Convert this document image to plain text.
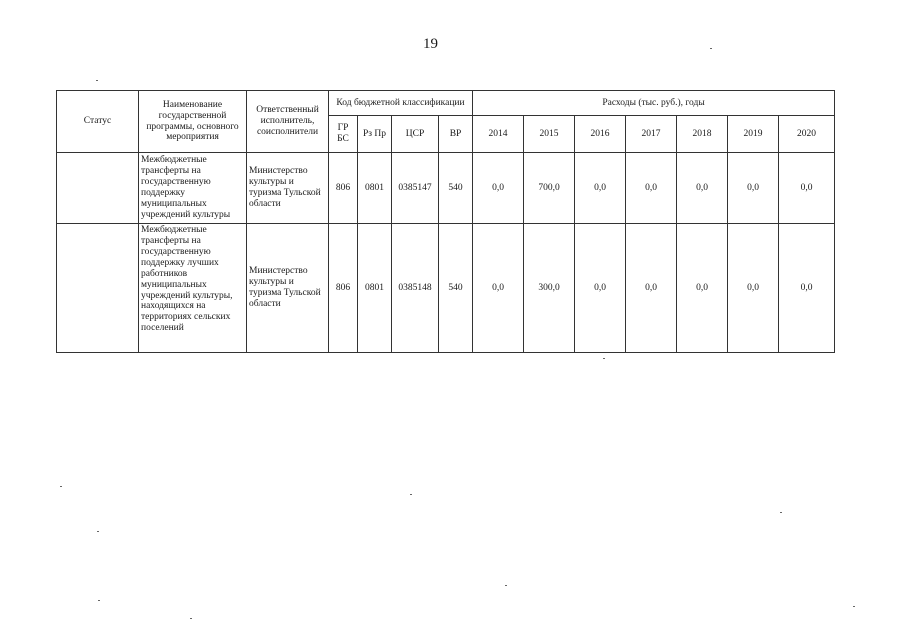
19
Статус	Наименование государственной программы, основного мероприятия	Ответственный исполнитель, соисполнители	Код бюджетной классификации				Расходы (тыс. руб.), годы						
			ГР БС	Рз Пр	ЦСР	ВР	2014	2015	2016	2017	2018	2019	2020
	Межбюджетные трансферты на государственную поддержку муниципальных учреждений культуры	Министерство культуры и туризма Тульской области	806	0801	0385147	540	0,0	700,0	0,0	0,0	0,0	0,0	0,0
	Межбюджетные трансферты на государственную поддержку лучших работников муниципальных учреждений культуры, находящихся на территориях сельских поселений	Министерство культуры и туризма Тульской области	806	0801	0385148	540	0,0	300,0	0,0	0,0	0,0	0,0	0,0
